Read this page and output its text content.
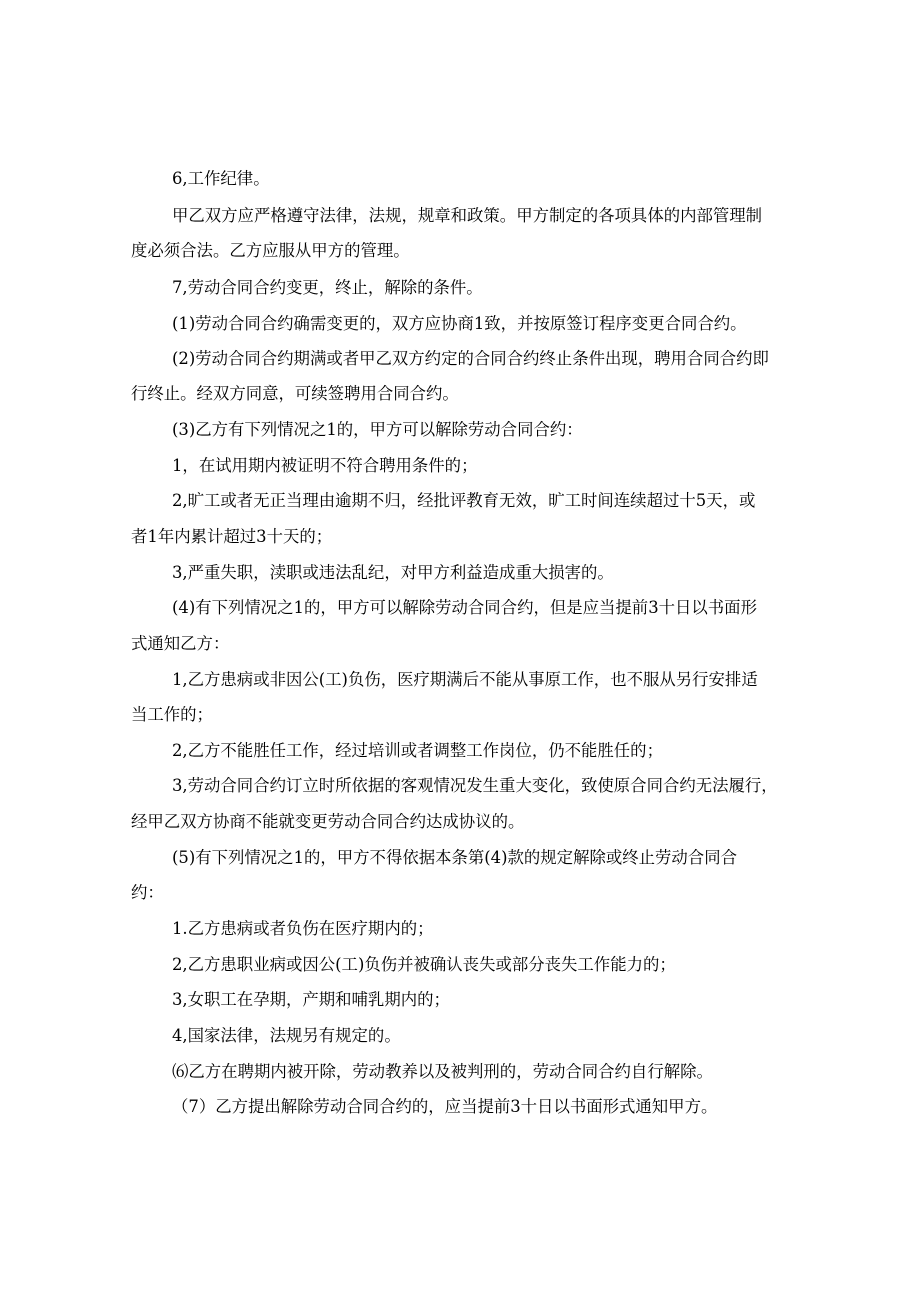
6,工作纪律。
甲乙双方应严格遵守法律，法规，规章和政策。甲方制定的各项具体的内部管理制
度必须合法。乙方应服从甲方的管理。
7,劳动合同合约变更，终止，解除的条件。
(1)劳动合同合约确需变更的，双方应协商1致，并按原签订程序变更合同合约。
(2)劳动合同合约期满或者甲乙双方约定的合同合约终止条件出现，聘用合同合约即
行终止。经双方同意，可续签聘用合同合约。
(3)乙方有下列情况之1的，甲方可以解除劳动合同合约：
1，在试用期内被证明不符合聘用条件的；
2,旷工或者无正当理由逾期不归，经批评教育无效，旷工时间连续超过十5天，或
者1年内累计超过3十天的；
3,严重失职，渎职或违法乱纪，对甲方利益造成重大损害的。
(4)有下列情况之1的，甲方可以解除劳动合同合约，但是应当提前3十日以书面形
式通知乙方：
1,乙方患病或非因公(工)负伤，医疗期满后不能从事原工作，也不服从另行安排适
当工作的；
2,乙方不能胜任工作，经过培训或者调整工作岗位，仍不能胜任的；
3,劳动合同合约订立时所依据的客观情况发生重大变化，致使原合同合约无法履行，
经甲乙双方协商不能就变更劳动合同合约达成协议的。
(5)有下列情况之1的，甲方不得依据本条第(4)款的规定解除或终止劳动合同合
约：
1.乙方患病或者负伤在医疗期内的；
2,乙方患职业病或因公(工)负伤并被确认丧失或部分丧失工作能力的；
3,女职工在孕期，产期和哺乳期内的；
4,国家法律，法规另有规定的。
⑹乙方在聘期内被开除，劳动教养以及被判刑的，劳动合同合约自行解除。
（7）乙方提出解除劳动合同合约的，应当提前3十日以书面形式通知甲方。
